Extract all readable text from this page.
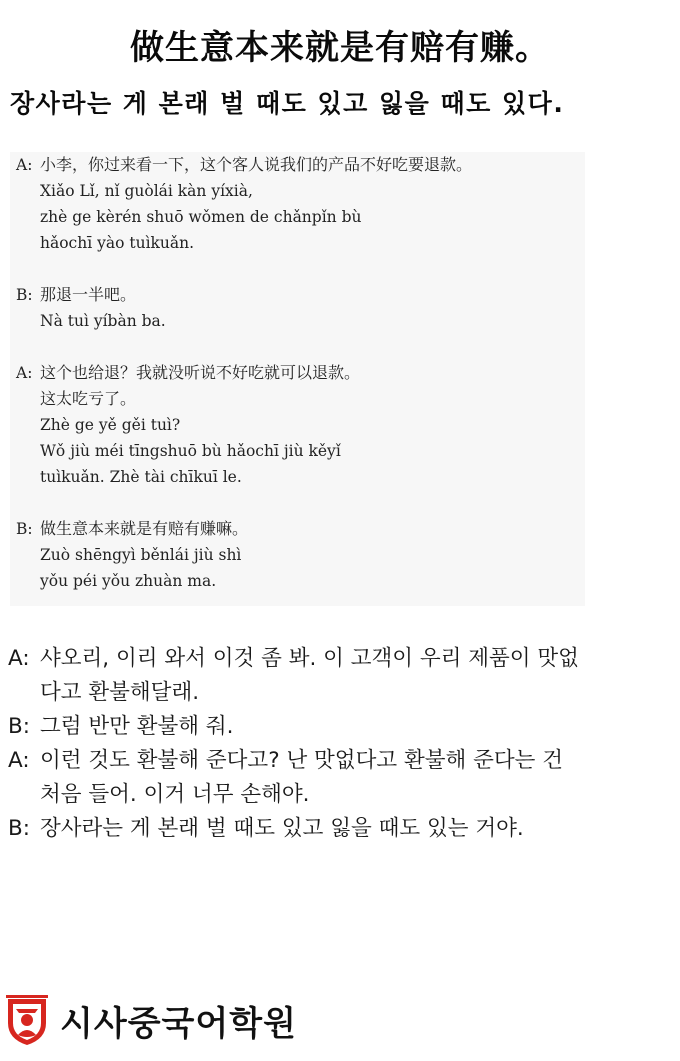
做生意本来就是有赔有赚。
장사라는 게 본래 벌 때도 있고 잃을 때도 있다.
A: 小李，你过来看一下，这个客人说我们的产品不好吃要退款。
Xiǎo Lǐ, nǐ guòlái kàn yíxià,
zhè ge kèrén shuō wǒmen de chǎnpǐn bù
hǎochī yào tuìkuǎn.
B: 那退一半吧。
Nà tuì yíbàn ba.
A: 这个也给退？我就没听说不好吃就可以退款。
这太吃亏了。
Zhè ge yě gěi tuì?
Wǒ jiù méi tīngshuō bù hǎochī jiù kěyǐ
tuìkuǎn. Zhè tài chīkuī le.
B: 做生意本来就是有赔有赚嘛。
Zuò shēngyì běnlái jiù shì
yǒu péi yǒu zhuàn ma.
A: 샤오리, 이리 와서 이것 좀 봐. 이 고객이 우리 제품이 맛없
다고 환불해달래.
B: 그럼 반만 환불해 줘.
A: 이런 것도 환불해 준다고? 난 맛없다고 환불해 준다는 건
처음 들어. 이거 너무 손해야.
B: 장사라는 게 본래 벌 때도 있고 잃을 때도 있는 거야.
시사중국어학원
